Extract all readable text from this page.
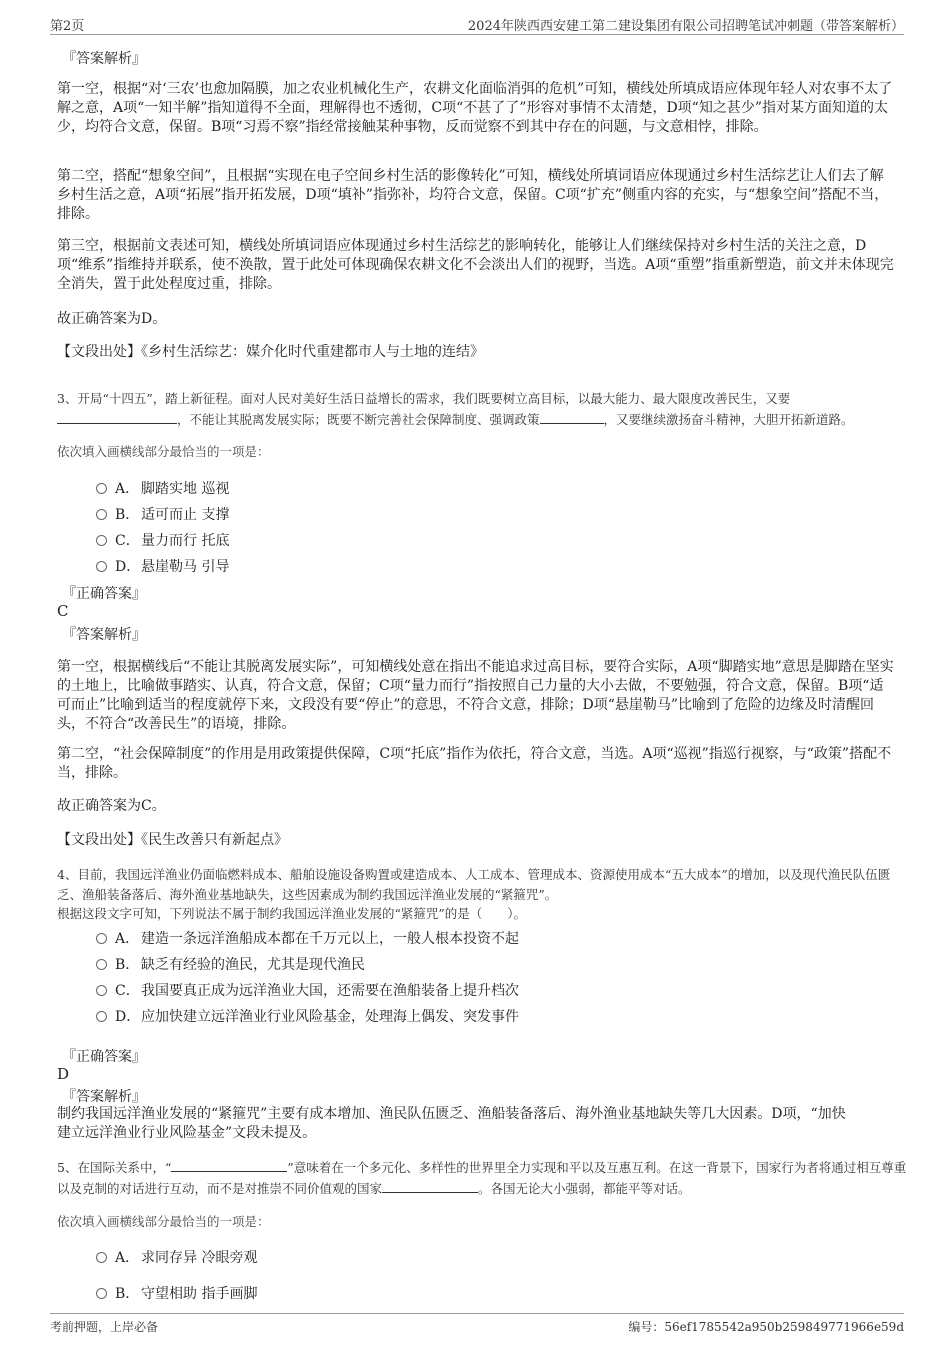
第2页	2024年陕西西安建工第二建设集团有限公司招聘笔试冲刺题（带答案解析）
『答案解析』
第一空，根据“对‘三农’也愈加隔膜，加之农业机械化生产，农耕文化面临消弭的危机”可知，横线处所填成语应体现年轻人对农事不太了解之意，A项“一知半解”指知道得不全面，理解得也不透彻，C项“不甚了了”形容对事情不太清楚，D项“知之甚少”指对某方面知道的太少，均符合文意，保留。B项“习焉不察”指经常接触某种事物，反而觉察不到其中存在的问题，与文意相悖，排除。
第二空，搭配“想象空间”，且根据“实现在电子空间乡村生活的影像转化”可知，横线处所填词语应体现通过乡村生活综艺让人们去了解乡村生活之意，A项“拓展”指开拓发展，D项“填补”指弥补，均符合文意，保留。C项“扩充”侧重内容的充实，与“想象空间”搭配不当，排除。
第三空，根据前文表述可知，横线处所填词语应体现通过乡村生活综艺的影响转化，能够让人们继续保持对乡村生活的关注之意，D项“维系”指维持并联系，使不涣散，置于此处可体现确保农耕文化不会淡出人们的视野，当选。A项“重塑”指重新塑造，前文并未体现完全消失，置于此处程度过重，排除。
故正确答案为D。
【文段出处】《乡村生活综艺：媒介化时代重建都市人与土地的连结》
3、开局“十四五”，踏上新征程。面对人民对美好生活日益增长的需求，我们既要树立高目标，以最大能力、最大限度改善民生，又要，不能让其脱离发展实际；既要不断完善社会保障制度、强调政策	，又要继续激扬奋斗精神，大胆开拓新道路。
依次填入画横线部分最恰当的一项是：
A． 脚踏实地 巡视
B． 适可而止 支撑
C．量力而行 托底
D．悬崖勒马 引导
『正确答案』
C
『答案解析』
第一空，根据横线后“不能让其脱离发展实际”，可知横线处意在指出不能追求过高目标，要符合实际，A项“脚踏实地”意思是脚踏在坚实的土地上，比喻做事踏实、认真，符合文意，保留；C项“量力而行”指按照自己力量的大小去做，不要勉强，符合文意，保留。B项“适可而止”比喻到适当的程度就停下来，文段没有要“停止”的意思，不符合文意，排除；D项“悬崖勒马”比喻到了危险的边缘及时清醒回头，不符合“改善民生”的语境，排除。
第二空，“社会保障制度”的作用是用政策提供保障，C项“托底”指作为依托，符合文意，当选。A项“巡视”指巡行视察，与“政策”搭配不当，排除。
故正确答案为C。
【文段出处】《民生改善只有新起点》
4、目前，我国远洋渔业仍面临燃料成本、船舶设施设备购置或建造成本、人工成本、管理成本、资源使用成本“五大成本”的增加，以及现代渔民队伍匮乏、渔船装备落后、海外渔业基地缺失，这些因素成为制约我国远洋渔业发展的“紧箍咒”。
根据这段文字可知，下列说法不属于制约我国远洋渔业发展的“紧箍咒”的是（　　）。
A． 建造一条远洋渔船成本都在千万元以上，一般人根本投资不起
B． 缺乏有经验的渔民，尤其是现代渔民
C．我国要真正成为远洋渔业大国，还需要在渔船装备上提升档次
D．应加快建立远洋渔业行业风险基金，处理海上偶发、突发事件
『正确答案』
D
『答案解析』
制约我国远洋渔业发展的“紧箍咒”主要有成本增加、渔民队伍匮乏、渔船装备落后、海外渔业基地缺失等几大因素。D项，“加快建立远洋渔业行业风险基金”文段未提及。
5、在国际关系中，“	”意味着在一个多元化、多样性的世界里全力实现和平以及互惠互利。在这一背景下，国家行为者将通过相互尊重以及克制的对话进行互动，而不是对推崇不同价值观的国家	。各国无论大小强弱，都能平等对话。
依次填入画横线部分最恰当的一项是：
A． 求同存异 冷眼旁观
B． 守望相助 指手画脚
考前押题，上岸必备	编号：56ef1785542a950b259849771966e59d
